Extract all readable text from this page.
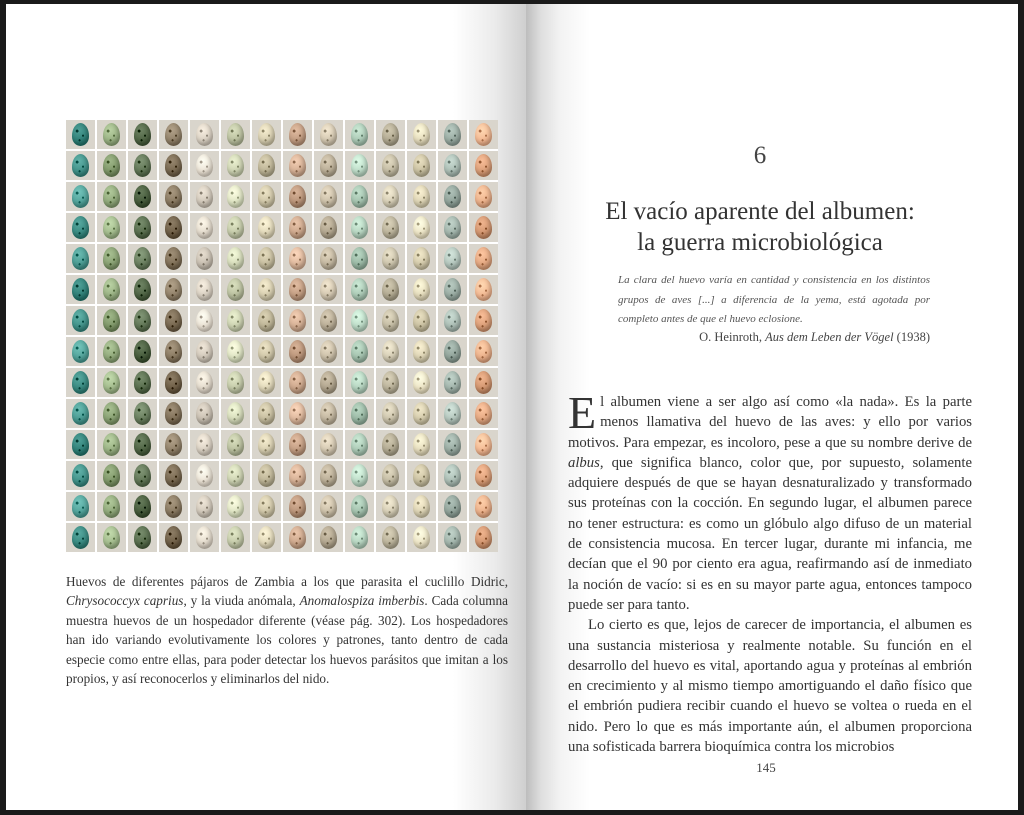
Huevos de diferentes pájaros de Zambia a los que parasita el cuclillo Didric, Chrysococcyx caprius, y la viuda anómala, Anomalospiza imberbis. Cada columna muestra huevos de un hospedador diferente (véase pág. 302). Los hospedadores han ido variando evolutivamente los colores y patrones, tanto dentro de cada especie como entre ellas, para poder detectar los huevos parásitos que imitan a los propios, y así reconocerlos y eliminarlos del nido.
6
El vacío aparente del albumen:
la guerra microbiológica
La clara del huevo varía en cantidad y consistencia en los distintos grupos de aves [...] a diferencia de la yema, está agotada por completo antes de que el huevo eclosione.
O. Heinroth, Aus dem Leben der Vögel (1938)

El albumen viene a ser algo así como «la nada». Es la parte menos llamativa del huevo de las aves: y ello por varios motivos. Para empezar, es incoloro, pese a que su nombre derive de albus, que significa blanco, color que, por supuesto, solamente adquiere después de que se hayan desnaturalizado y transformado sus proteínas con la cocción. En segundo lugar, el albumen parece no tener estructura: es como un glóbulo algo difuso de un material de consistencia mucosa. En tercer lugar, durante mi infancia, me decían que el 90 por ciento era agua, reafirmando así de inmediato la noción de vacío: si es en su mayor parte agua, entonces tampoco puede ser para tanto.

Lo cierto es que, lejos de carecer de importancia, el albumen es una sustancia misteriosa y realmente notable. Su función en el desarrollo del huevo es vital, aportando agua y proteínas al embrión en crecimiento y al mismo tiempo amortiguando el daño físico que el embrión pudiera recibir cuando el huevo se voltea o rueda en el nido. Pero lo que es más importante aún, el albumen proporciona una sofisticada barrera bioquímica contra los microbios

145
